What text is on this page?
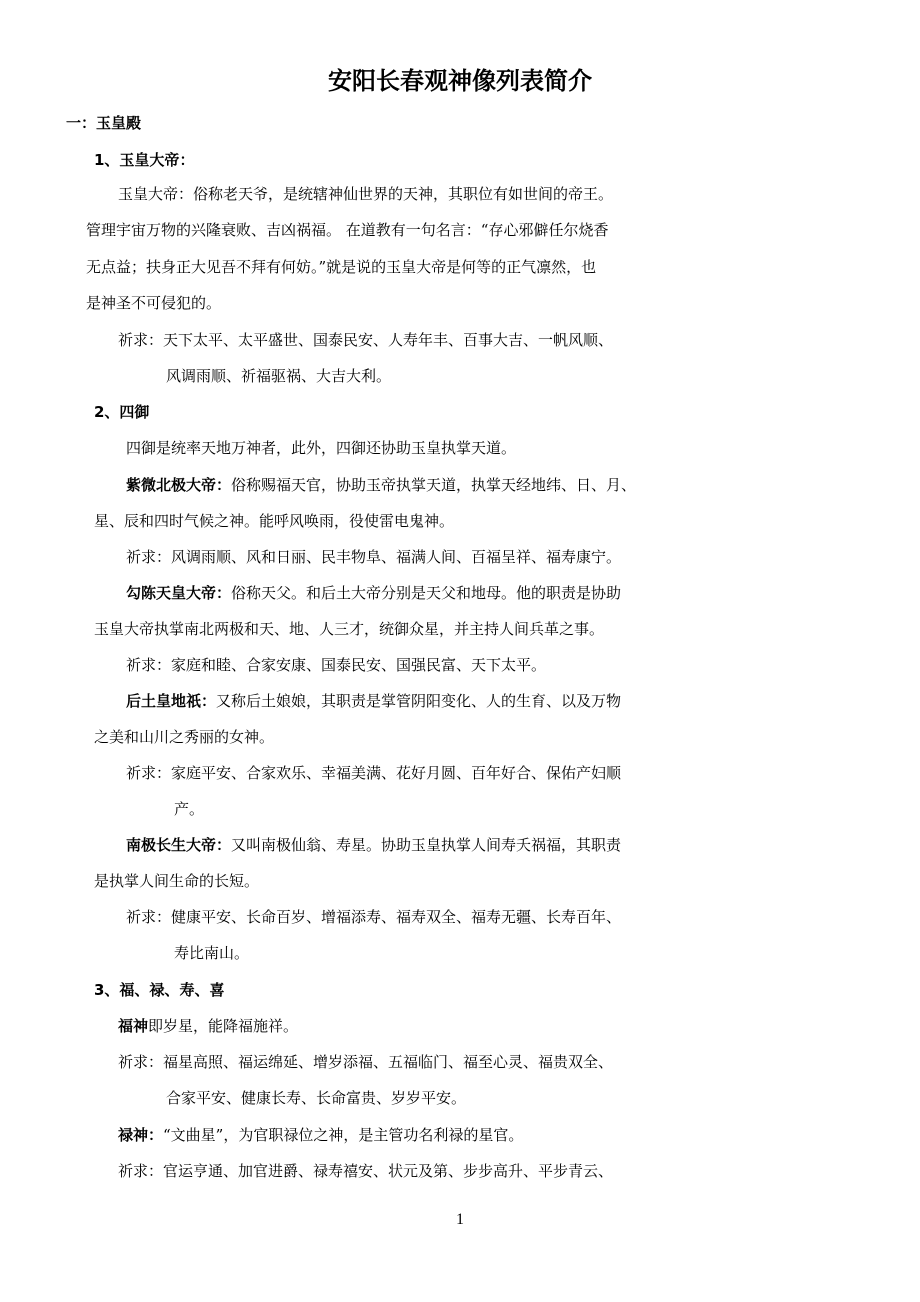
安阳长春观神像列表简介
一：玉皇殿
1、玉皇大帝：
玉皇大帝：俗称老天爷，是统辖神仙世界的天神，其职位有如世间的帝王。
管理宇宙万物的兴隆衰败、吉凶祸福。 在道教有一句名言：“存心邪僻任尔烧香
无点益；扶身正大见吾不拜有何妨。”就是说的玉皇大帝是何等的正气凛然，也
是神圣不可侵犯的。
祈求：天下太平、太平盛世、国泰民安、人寿年丰、百事大吉、一帆风顺、
风调雨顺、祈福驱祸、大吉大利。
2、四御
四御是统率天地万神者，此外，四御还协助玉皇执掌天道。
紫微北极大帝：俗称赐福天官，协助玉帝执掌天道，执掌天经地纬、日、月、
星、辰和四时气候之神。能呼风唤雨，役使雷电鬼神。
祈求：风调雨顺、风和日丽、民丰物阜、福满人间、百福呈祥、福寿康宁。
勾陈天皇大帝：俗称天父。和后土大帝分别是天父和地母。他的职责是协助
玉皇大帝执掌南北两极和天、地、人三才，统御众星，并主持人间兵革之事。
祈求：家庭和睦、合家安康、国泰民安、国强民富、天下太平。
后土皇地祇：又称后土娘娘，其职责是掌管阴阳变化、人的生育、以及万物
之美和山川之秀丽的女神。
祈求：家庭平安、合家欢乐、幸福美满、花好月圆、百年好合、保佑产妇顺
产。
南极长生大帝：又叫南极仙翁、寿星。协助玉皇执掌人间寿夭祸福，其职责
是执掌人间生命的长短。
祈求：健康平安、长命百岁、增福添寿、福寿双全、福寿无疆、长寿百年、
寿比南山。
3、福、禄、寿、喜
福神即岁星，能降福施祥。
祈求：福星高照、福运绵延、增岁添福、五福临门、福至心灵、福贵双全、
合家平安、健康长寿、长命富贵、岁岁平安。
禄神：“文曲星”，为官职禄位之神，是主管功名利禄的星官。
祈求：官运亨通、加官进爵、禄寿禧安、状元及第、步步高升、平步青云、
1
